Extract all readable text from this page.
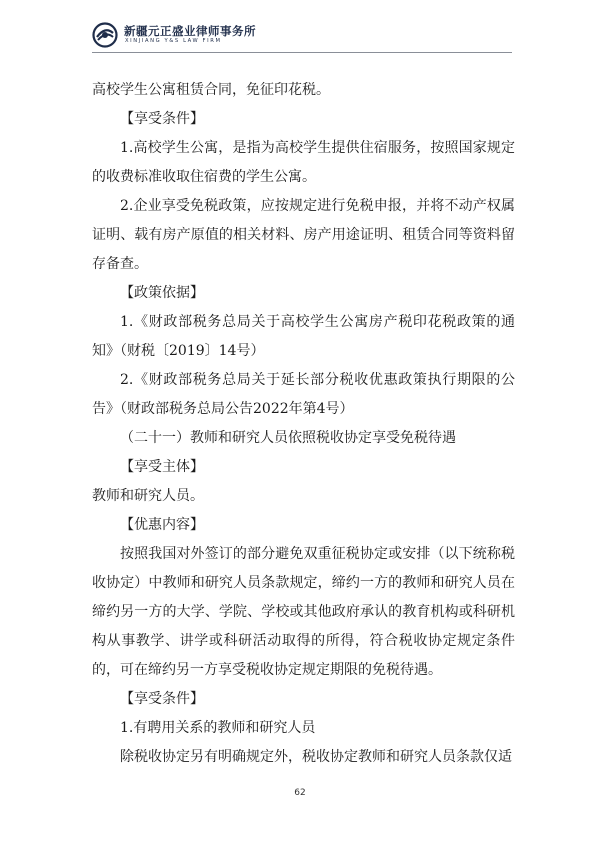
新疆元正盛业律师事务所
XINJIANG Y&S LAW FIRM

高校学生公寓租赁合同，免征印花税。

【享受条件】

1.高校学生公寓，是指为高校学生提供住宿服务，按照国家规定的收费标准收取住宿费的学生公寓。

2.企业享受免税政策，应按规定进行免税申报，并将不动产权属证明、载有房产原值的相关材料、房产用途证明、租赁合同等资料留存备查。

【政策依据】

1.《财政部税务总局关于高校学生公寓房产税印花税政策的通知》（财税〔2019〕14号）

2.《财政部税务总局关于延长部分税收优惠政策执行期限的公告》（财政部税务总局公告2022年第4号）

（二十一）教师和研究人员依照税收协定享受免税待遇

【享受主体】

教师和研究人员。

【优惠内容】

按照我国对外签订的部分避免双重征税协定或安排（以下统称税收协定）中教师和研究人员条款规定，缔约一方的教师和研究人员在缔约另一方的大学、学院、学校或其他政府承认的教育机构或科研机构从事教学、讲学或科研活动取得的所得，符合税收协定规定条件的，可在缔约另一方享受税收协定规定期限的免税待遇。

【享受条件】

1.有聘用关系的教师和研究人员

除税收协定另有明确规定外，税收协定教师和研究人员条款仅适

62
